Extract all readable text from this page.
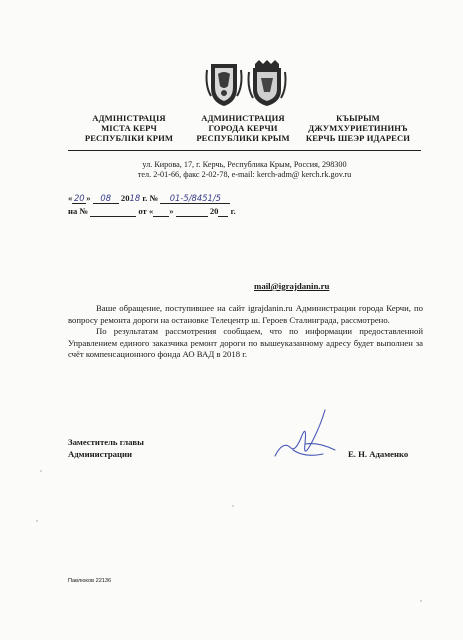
АДМІНІСТРАЦІЯ
МІСТА КЕРЧ
РЕСПУБЛІКИ КРИМ
АДМИНИСТРАЦИЯ
ГОРОДА КЕРЧИ
РЕСПУБЛИКИ КРЫМ
КЪЫРЫМ
ДЖУМХУРИЕТИНИНЪ
КЕРЧЬ ШЕЭР ИДАРЕСИ
ул. Кирова, 17, г. Керчь, Республика Крым, Россия, 298300
тел. 2-01-66, факс 2-02-78, e-mail: kerch-adm@ kerch.rk.gov.ru
« 20 » 08 2018 г. № 01-5/8451/5
на №	от « »	20 г.
mail@igrajdanin.ru

Ваше обращение, поступившее на сайт igrajdanin.ru Администрации города Керчи, по вопросу ремонта дороги на остановке Телецентр ш. Героев Сталинграда, рассмотрено.

По результатам рассмотрения сообщаем, что по информации предоставленной Управлением единого заказчика ремонт дороги по вышеуказанному адресу будет выполнен за счёт компенсационного фонда АО ВАД в 2018 г.

Заместитель главы
Администрации	Е. Н. Адаменко
Павлюков 22136
